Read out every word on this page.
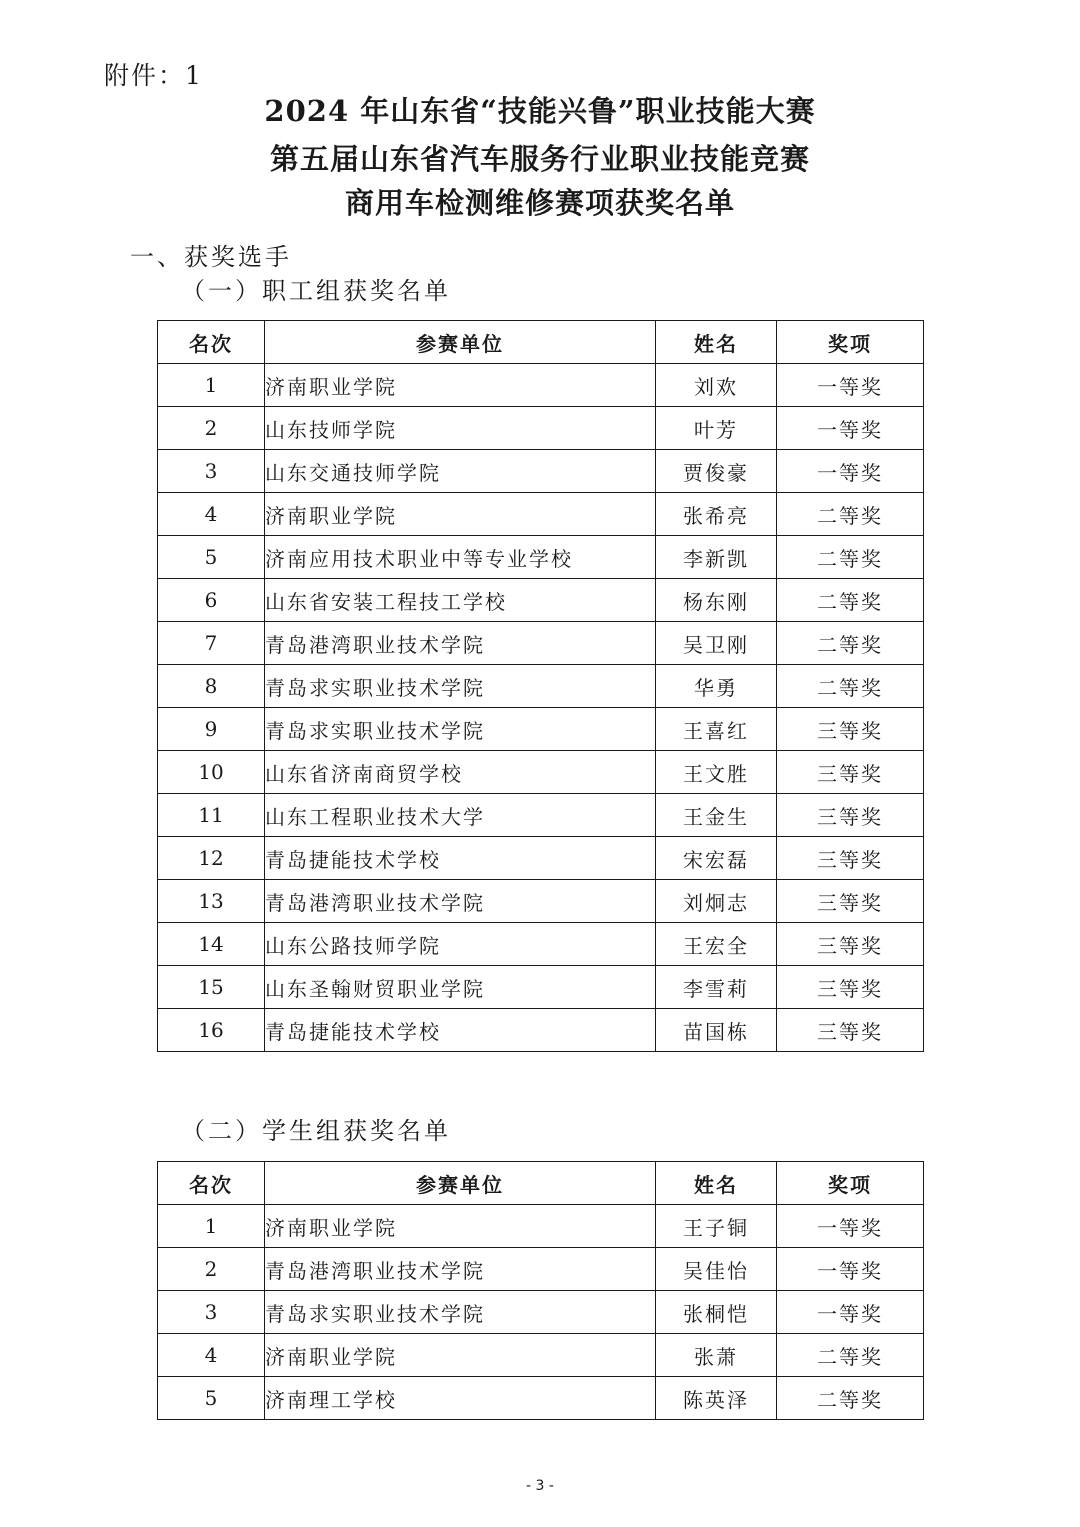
附件：1
2024 年山东省“技能兴鲁”职业技能大赛
第五届山东省汽车服务行业职业技能竞赛
商用车检测维修赛项获奖名单
一、获奖选手
（一）职工组获奖名单
名次	参赛单位	姓名	奖项
1	济南职业学院	刘欢	一等奖
2	山东技师学院	叶芳	一等奖
3	山东交通技师学院	贾俊豪	一等奖
4	济南职业学院	张希亮	二等奖
5	济南应用技术职业中等专业学校	李新凯	二等奖
6	山东省安装工程技工学校	杨东刚	二等奖
7	青岛港湾职业技术学院	吴卫刚	二等奖
8	青岛求实职业技术学院	华勇	二等奖
9	青岛求实职业技术学院	王喜红	三等奖
10	山东省济南商贸学校	王文胜	三等奖
11	山东工程职业技术大学	王金生	三等奖
12	青岛捷能技术学校	宋宏磊	三等奖
13	青岛港湾职业技术学院	刘炯志	三等奖
14	山东公路技师学院	王宏全	三等奖
15	山东圣翰财贸职业学院	李雪莉	三等奖
16	青岛捷能技术学校	苗国栋	三等奖
（二）学生组获奖名单
名次	参赛单位	姓名	奖项
1	济南职业学院	王子铜	一等奖
2	青岛港湾职业技术学院	吴佳怡	一等奖
3	青岛求实职业技术学院	张桐恺	一等奖
4	济南职业学院	张萧	二等奖
5	济南理工学校	陈英泽	二等奖
- 3 -
